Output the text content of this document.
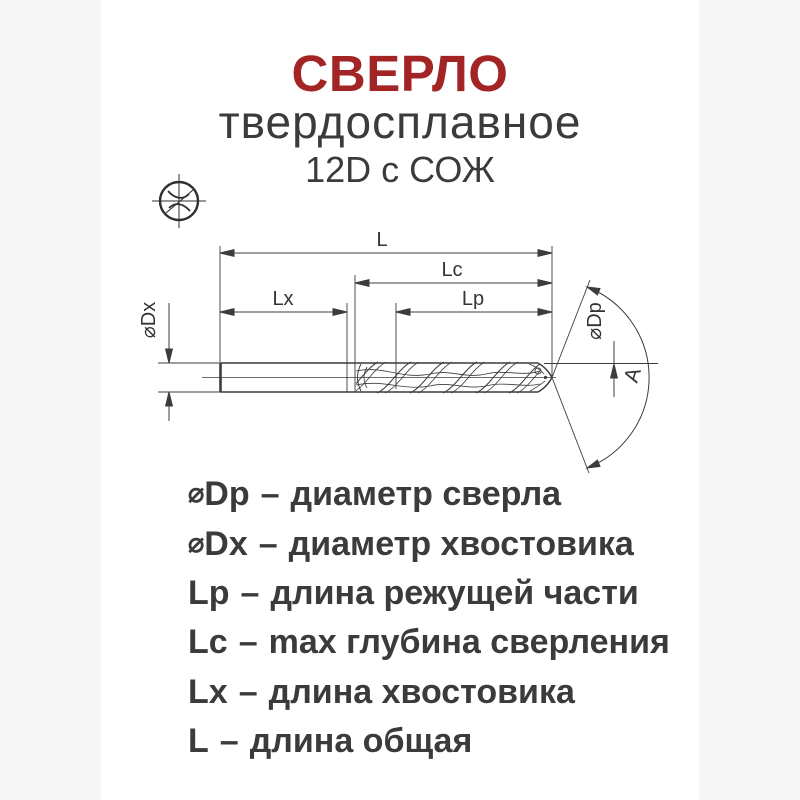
СВЕРЛО
твердосплавное
12D с СОЖ
L
Lc
Lx	Lp
⌀Dx	⌀Dp
A
⌀ Dp – диаметр сверла
⌀ Dx – диаметр хвостовика
Lp – длина режущей части
Lc – max глубина сверления
Lx – длина хвостовика
L – длина общая
